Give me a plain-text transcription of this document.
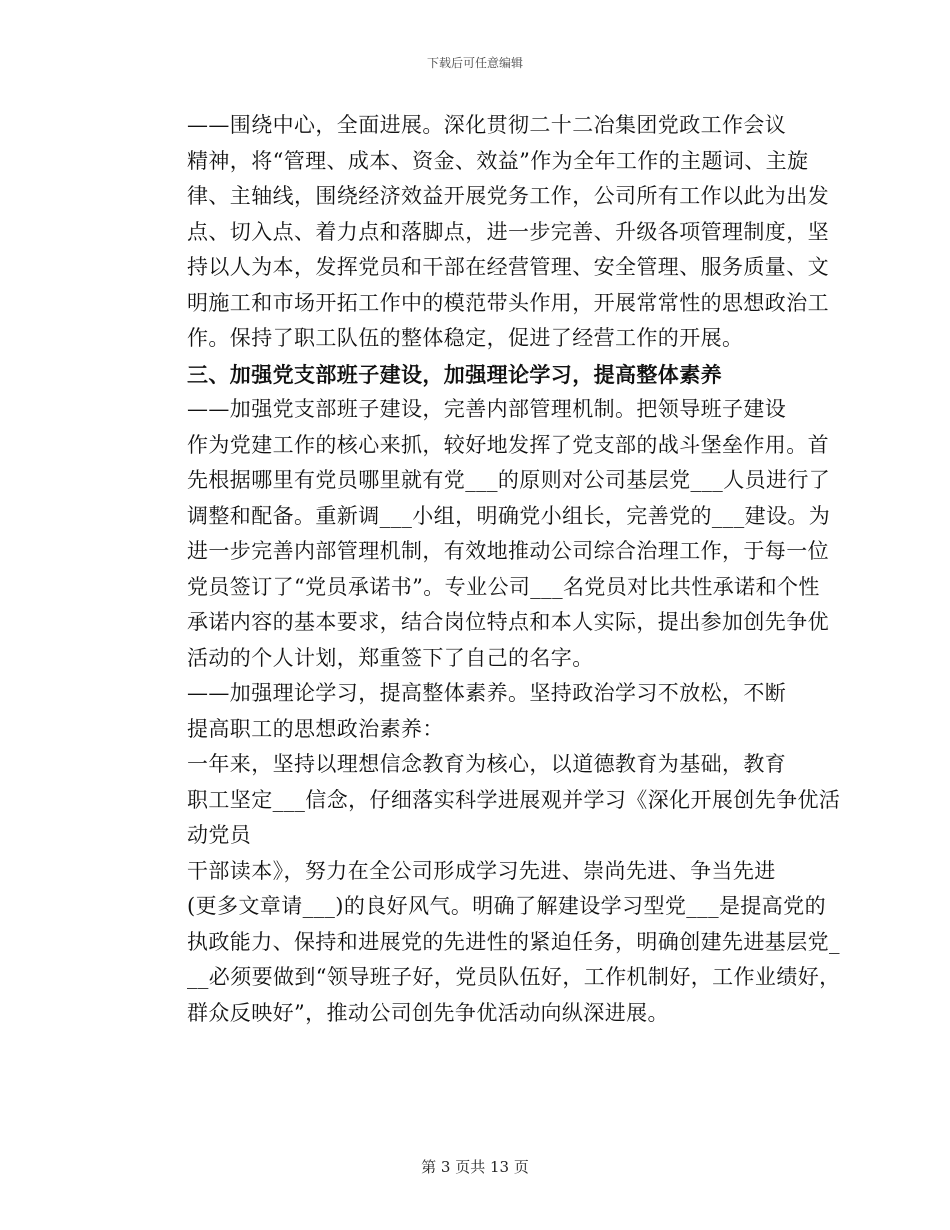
下载后可任意编辑

——围绕中心，全面进展。深化贯彻二十二冶集团党政工作会议
精神，将“管理、成本、资金、效益”作为全年工作的主题词、主旋
律、主轴线，围绕经济效益开展党务工作，公司所有工作以此为出发
点、切入点、着力点和落脚点，进一步完善、升级各项管理制度，坚
持以人为本，发挥党员和干部在经营管理、安全管理、服务质量、文
明施工和市场开拓工作中的模范带头作用，开展常常性的思想政治工
作。保持了职工队伍的整体稳定，促进了经营工作的开展。

三、加强党支部班子建设，加强理论学习，提高整体素养

——加强党支部班子建设，完善内部管理机制。把领导班子建设
作为党建工作的核心来抓，较好地发挥了党支部的战斗堡垒作用。首
先根据哪里有党员哪里就有党___的原则对公司基层党___人员进行了
调整和配备。重新调___小组，明确党小组长，完善党的___建设。为
进一步完善内部管理机制，有效地推动公司综合治理工作，于每一位
党员签订了“党员承诺书”。专业公司___名党员对比共性承诺和个性
承诺内容的基本要求，结合岗位特点和本人实际，提出参加创先争优
活动的个人计划，郑重签下了自己的名字。

——加强理论学习，提高整体素养。坚持政治学习不放松，不断
提高职工的思想政治素养：

一年来，坚持以理想信念教育为核心，以道德教育为基础，教育
职工坚定___信念，仔细落实科学进展观并学习《深化开展创先争优活
动党员

干部读本》，努力在全公司形成学习先进、崇尚先进、争当先进
(更多文章请___)的良好风气。明确了解建设学习型党___是提高党的
执政能力、保持和进展党的先进性的紧迫任务，明确创建先进基层党_
__必须要做到“领导班子好，党员队伍好，工作机制好，工作业绩好，
群众反映好”，推动公司创先争优活动向纵深进展。

第 3 页共 13 页
